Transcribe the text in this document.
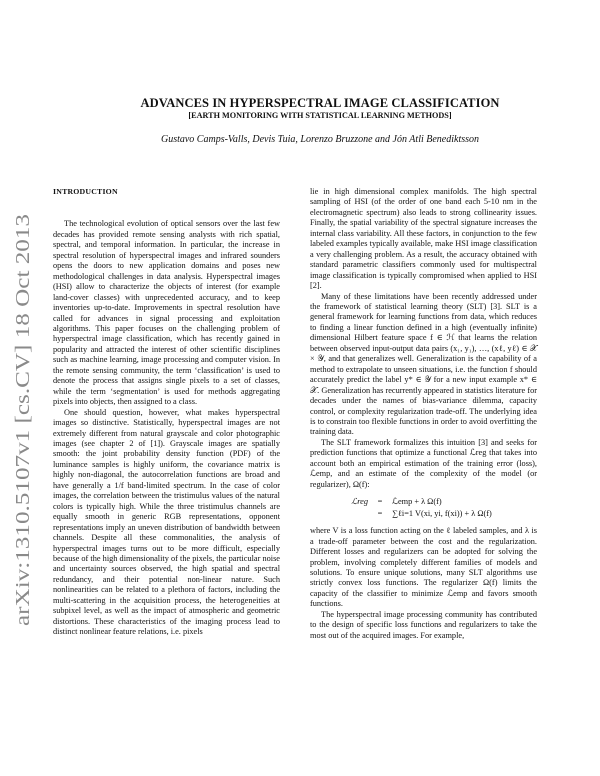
arXiv:1310.5107v1 [cs.CV] 18 Oct 2013
ADVANCES IN HYPERSPECTRAL IMAGE CLASSIFICATION
[EARTH MONITORING WITH STATISTICAL LEARNING METHODS]
Gustavo Camps-Valls, Devis Tuia, Lorenzo Bruzzone and Jón Atli Benediktsson
INTRODUCTION

The technological evolution of optical sensors over the last few decades has provided remote sensing analysts with rich spatial, spectral, and temporal information. In particular, the increase in spectral resolution of hyperspectral images and infrared sounders opens the doors to new application domains and poses new methodological challenges in data analysis. Hyperspectral images (HSI) allow to characterize the objects of interest (for example land-cover classes) with unprecedented accuracy, and to keep inventories up-to-date. Improvements in spectral resolution have called for advances in signal processing and exploitation algorithms. This paper focuses on the challenging problem of hyperspectral image classification, which has recently gained in popularity and attracted the interest of other scientific disciplines such as machine learning, image processing and computer vision. In the remote sensing community, the term ‘classification’ is used to denote the process that assigns single pixels to a set of classes, while the term ‘segmentation’ is used for methods aggregating pixels into objects, then assigned to a class.

One should question, however, what makes hyperspectral images so distinctive. Statistically, hyperspectral images are not extremely different from natural grayscale and color photographic images (see chapter 2 of [1]). Grayscale images are spatially smooth: the joint probability density function (PDF) of the luminance samples is highly uniform, the covariance matrix is highly non-diagonal, the autocorrelation functions are broad and have generally a 1/f band-limited spectrum. In the case of color images, the correlation between the tristimulus values of the natural colors is typically high. While the three tristimulus channels are equally smooth in generic RGB representations, opponent representations imply an uneven distribution of bandwidth between channels. Despite all these commonalities, the analysis of hyperspectral images turns out to be more difficult, especially because of the high dimensionality of the pixels, the particular noise and uncertainty sources observed, the high spatial and spectral redundancy, and their potential non-linear nature. Such nonlinearities can be related to a plethora of factors, including the multi-scattering in the acquisition process, the heterogeneities at subpixel level, as well as the impact of atmospheric and geometric distortions. These characteristics of the imaging process lead to distinct nonlinear feature relations, i.e. pixels

lie in high dimensional complex manifolds. The high spectral sampling of HSI (of the order of one band each 5-10 nm in the electromagnetic spectrum) also leads to strong collinearity issues. Finally, the spatial variability of the spectral signature increases the internal class variability. All these factors, in conjunction to the few labeled examples typically available, make HSI image classification a very challenging problem. As a result, the accuracy obtained with standard parametric classifiers commonly used for multispectral image classification is typically compromised when applied to HSI [2].

Many of these limitations have been recently addressed under the framework of statistical learning theory (SLT) [3]. SLT is a general framework for learning functions from data, which reduces to finding a linear function defined in a high (eventually infinite) dimensional Hilbert feature space f ∈ ℋ that learns the relation between observed input-output data pairs (x₁, y₁), …, (xℓ, yℓ) ∈ 𝒳 × 𝒴, and that generalizes well. Generalization is the capability of a method to extrapolate to unseen situations, i.e. the function f should accurately predict the label y* ∈ 𝒴 for a new input example x* ∈ 𝒳. Generalization has recurrently appeared in statistics literature for decades under the names of bias-variance dilemma, capacity control, or complexity regularization trade-off. The underlying idea is to constrain too flexible functions in order to avoid overfitting the training data.

The SLT framework formalizes this intuition [3] and seeks for prediction functions that optimize a functional ℒreg that takes into account both an empirical estimation of the training error (loss), ℒemp, and an estimate of the complexity of the model (or regularizer), Ω(f):

ℒreg	=	ℒemp + λ Ω(f)
=	∑ℓi=1 V(xi, yi, f(xi)) + λ Ω(f)

where V is a loss function acting on the ℓ labeled samples, and λ is a trade-off parameter between the cost and the regularization. Different losses and regularizers can be adopted for solving the problem, involving completely different families of models and solutions. To ensure unique solutions, many SLT algorithms use strictly convex loss functions. The regularizer Ω(f) limits the capacity of the classifier to minimize ℒemp and favors smooth functions.

The hyperspectral image processing community has contributed to the design of specific loss functions and regularizers to take the most out of the acquired images. For example,
